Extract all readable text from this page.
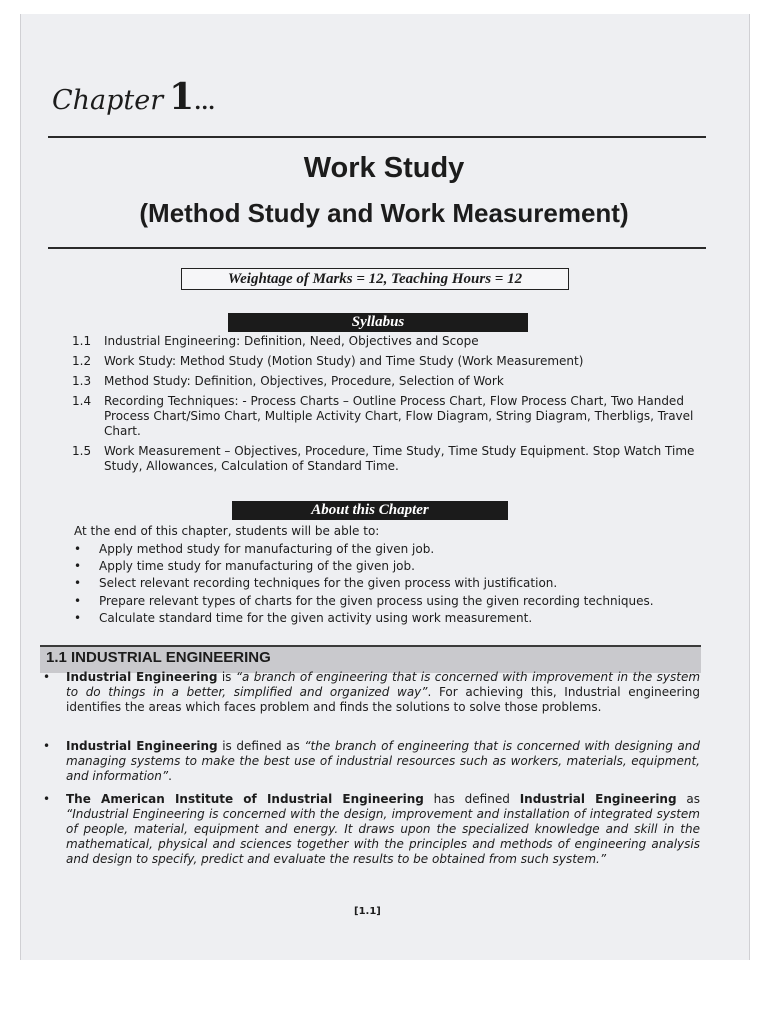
Chapter 1...
Work Study
(Method Study and Work Measurement)
Weightage of Marks = 12, Teaching Hours = 12
Syllabus
1.1 Industrial Engineering: Definition, Need, Objectives and Scope
1.2 Work Study: Method Study (Motion Study) and Time Study (Work Measurement)
1.3 Method Study: Definition, Objectives, Procedure, Selection of Work
1.4 Recording Techniques: - Process Charts – Outline Process Chart, Flow Process Chart, Two Handed Process Chart/Simo Chart, Multiple Activity Chart, Flow Diagram, String Diagram, Therbligs, Travel Chart.
1.5 Work Measurement – Objectives, Procedure, Time Study, Time Study Equipment. Stop Watch Time Study, Allowances, Calculation of Standard Time.
About this Chapter
At the end of this chapter, students will be able to:
• Apply method study for manufacturing of the given job.
• Apply time study for manufacturing of the given job.
• Select relevant recording techniques for the given process with justification.
• Prepare relevant types of charts for the given process using the given recording techniques.
• Calculate standard time for the given activity using work measurement.
1.1 INDUSTRIAL ENGINEERING
• Industrial Engineering is “a branch of engineering that is concerned with improvement in the system to do things in a better, simplified and organized way”. For achieving this, Industrial engineering identifies the areas which faces problem and finds the solutions to solve those problems.
• Industrial Engineering is defined as “the branch of engineering that is concerned with designing and managing systems to make the best use of industrial resources such as workers, materials, equipment, and information”.
• The American Institute of Industrial Engineering has defined Industrial Engineering as “Industrial Engineering is concerned with the design, improvement and installation of integrated system of people, material, equipment and energy. It draws upon the specialized knowledge and skill in the mathematical, physical and sciences together with the principles and methods of engineering analysis and design to specify, predict and evaluate the results to be obtained from such system.”
[1.1]
